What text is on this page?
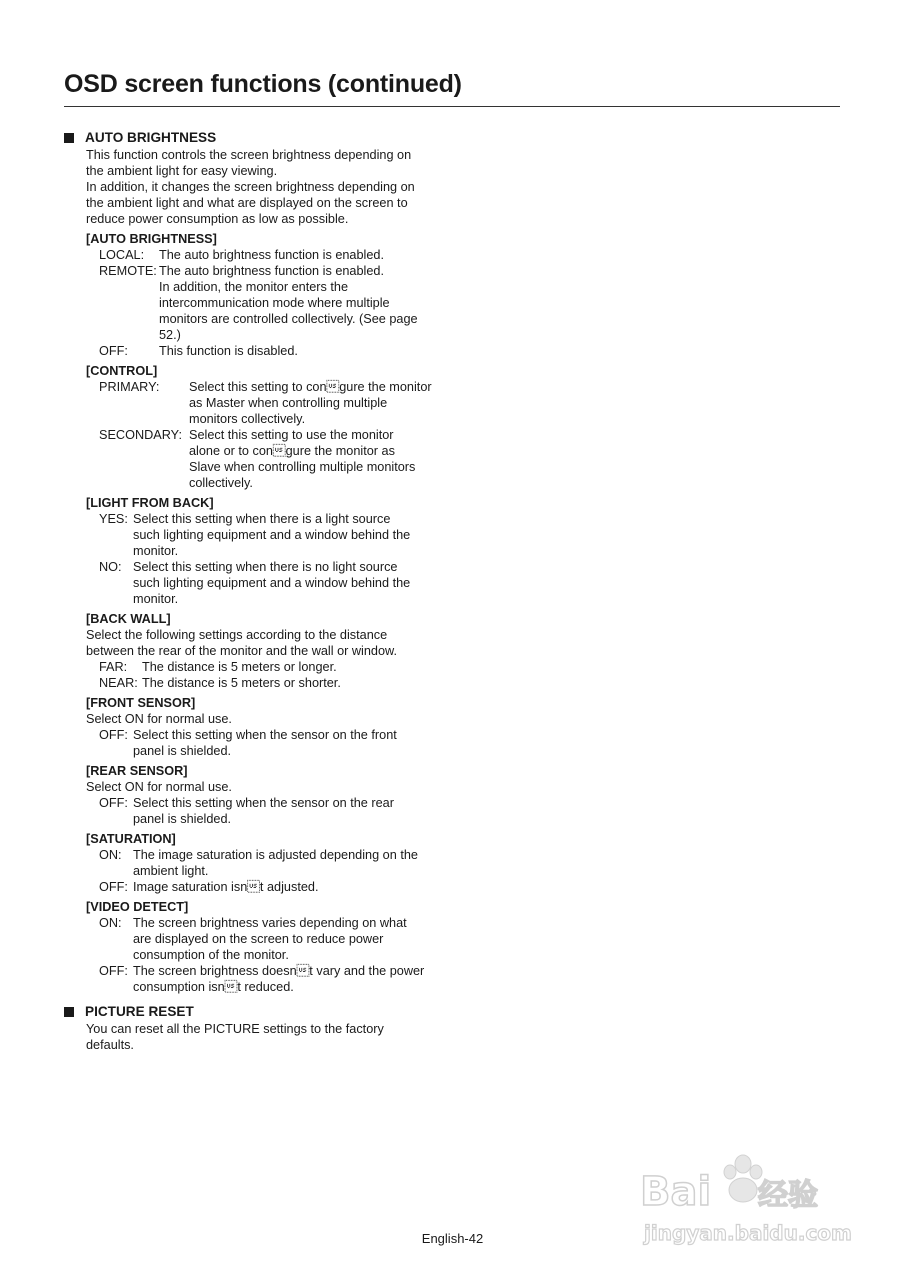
OSD screen functions (continued)
AUTO BRIGHTNESS
This function controls the screen brightness depending on
the ambient light for easy viewing.
In addition, it changes the screen brightness depending on
the ambient light and what are displayed on the screen to
reduce power consumption as low as possible.
[AUTO BRIGHTNESS]
LOCAL:	The auto brightness function is enabled.
REMOTE: The auto brightness function is enabled.
In addition, the monitor enters the
intercommunication mode where multiple
monitors are controlled collectively. (See page
52.)
OFF:	This function is disabled.
[CONTROL]
PRIMARY:	Select this setting to congure the monitor
as Master when controlling multiple
monitors collectively.
SECONDARY: Select this setting to use the monitor
alone or to congure the monitor as
Slave when controlling multiple monitors
collectively.
[LIGHT FROM BACK]
YES: Select this setting when there is a light source
such lighting equipment and a window behind the
monitor.
NO: Select this setting when there is no light source
such lighting equipment and a window behind the
monitor.
[BACK WALL]
Select the following settings according to the distance
between the rear of the monitor and the wall or window.
FAR:	The distance is 5 meters or longer.
NEAR: The distance is 5 meters or shorter.
[FRONT SENSOR]
Select ON for normal use.
OFF: Select this setting when the sensor on the front
panel is shielded.
[REAR SENSOR]
Select ON for normal use.
OFF: Select this setting when the sensor on the rear
panel is shielded.
[SATURATION]
ON: The image saturation is adjusted depending on the
ambient light.
OFF: Image saturation isnt adjusted.
[VIDEO DETECT]
ON: The screen brightness varies depending on what
are displayed on the screen to reduce power
consumption of the monitor.
OFF: The screen brightness doesnt vary and the power
consumption isnt reduced.
PICTURE RESET
You can reset all the PICTURE settings to the factory
defaults.
Bai 经验
jingyan.baidu.com
English-42
